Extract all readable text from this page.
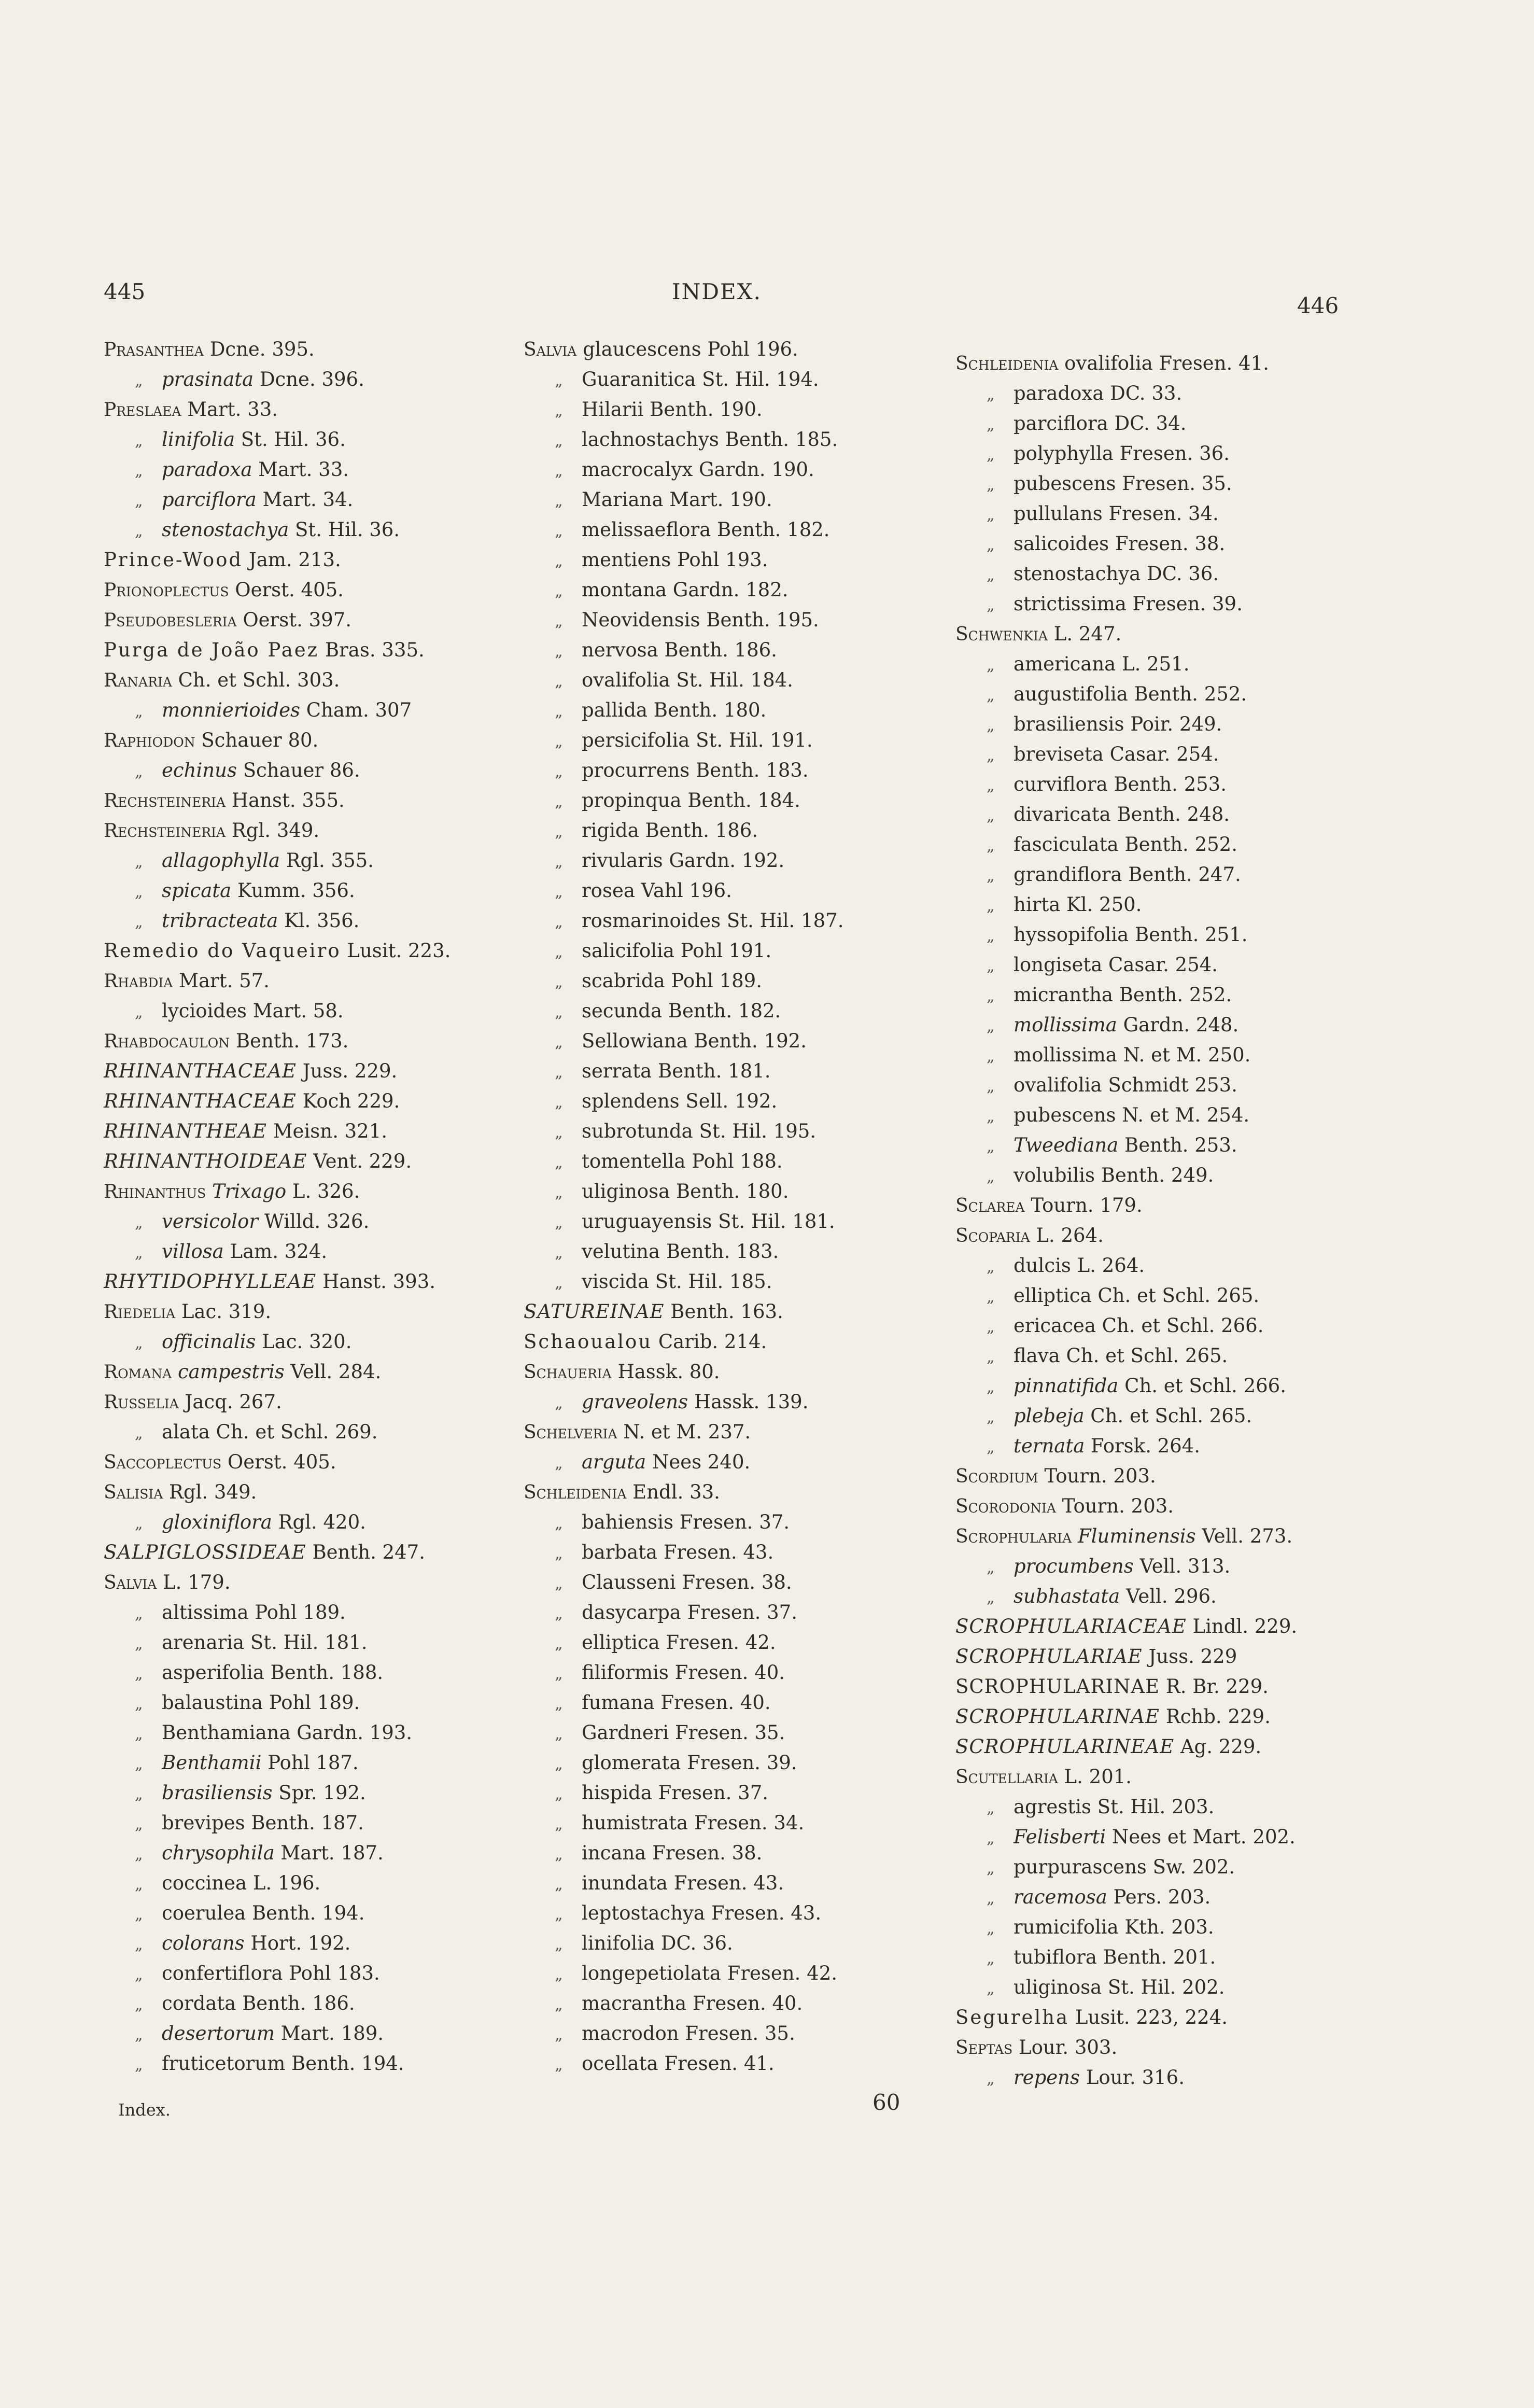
445	INDEX.
446
Prasanthea Dcne. 395.
„ prasinata Dcne. 396.
Preslaea Mart. 33.
„ linifolia St. Hil. 36.
„ paradoxa Mart. 33.
„ parciflora Mart. 34.
„ stenostachya St. Hil. 36.
Prince-Wood Jam. 213.
Prionoplectus Oerst. 405.
Pseudobesleria Oerst. 397.
Purga de João Paez Bras. 335.
Ranaria Ch. et Schl. 303.
„ monnierioides Cham. 307
Raphiodon Schauer 80.
„ echinus Schauer 86.
Rechsteineria Hanst. 355.
Rechsteineria Rgl. 349.
„ allagophylla Rgl. 355.
„ spicata Kumm. 356.
„ tribracteata Kl. 356.
Remedio do Vaqueiro Lusit. 223.
Rhabdia Mart. 57.
„ lycioides Mart. 58.
Rhabdocaulon Benth. 173.
RHINANTHACEAE Juss. 229.
RHINANTHACEAE Koch 229.
RHINANTHEAE Meisn. 321.
RHINANTHOIDEAE Vent. 229.
Rhinanthus Trixago L. 326.
„ versicolor Willd. 326.
„ villosa Lam. 324.
RHYTIDOPHYLLEAE Hanst. 393.
Riedelia Lac. 319.
„ officinalis Lac. 320.
Romana campestris Vell. 284.
Russelia Jacq. 267.
„ alata Ch. et Schl. 269.
Saccoplectus Oerst. 405.
Salisia Rgl. 349.
„ gloxiniflora Rgl. 420.
SALPIGLOSSIDEAE Benth. 247.
Salvia L. 179.
„ altissima Pohl 189.
„ arenaria St. Hil. 181.
„ asperifolia Benth. 188.
„ balaustina Pohl 189.
„ Benthamiana Gardn. 193.
„ Benthamii Pohl 187.
„ brasiliensis Spr. 192.
„ brevipes Benth. 187.
„ chrysophila Mart. 187.
„ coccinea L. 196.
„ coerulea Benth. 194.
„ colorans Hort. 192.
„ confertiflora Pohl 183.
„ cordata Benth. 186.
„ desertorum Mart. 189.
„ fruticetorum Benth. 194.
Salvia glaucescens Pohl 196.
„ Guaranitica St. Hil. 194.
„ Hilarii Benth. 190.
„ lachnostachys Benth. 185.
„ macrocalyx Gardn. 190.
„ Mariana Mart. 190.
„ melissaeflora Benth. 182.
„ mentiens Pohl 193.
„ montana Gardn. 182.
„ Neovidensis Benth. 195.
„ nervosa Benth. 186.
„ ovalifolia St. Hil. 184.
„ pallida Benth. 180.
„ persicifolia St. Hil. 191.
„ procurrens Benth. 183.
„ propinqua Benth. 184.
„ rigida Benth. 186.
„ rivularis Gardn. 192.
„ rosea Vahl 196.
„ rosmarinoides St. Hil. 187.
„ salicifolia Pohl 191.
„ scabrida Pohl 189.
„ secunda Benth. 182.
„ Sellowiana Benth. 192.
„ serrata Benth. 181.
„ splendens Sell. 192.
„ subrotunda St. Hil. 195.
„ tomentella Pohl 188.
„ uliginosa Benth. 180.
„ uruguayensis St. Hil. 181.
„ velutina Benth. 183.
„ viscida St. Hil. 185.
SATUREINAE Benth. 163.
Schaoualou Carib. 214.
Schaueria Hassk. 80.
„ graveolens Hassk. 139.
Schelveria N. et M. 237.
„ arguta Nees 240.
Schleidenia Endl. 33.
„ bahiensis Fresen. 37.
„ barbata Fresen. 43.
„ Clausseni Fresen. 38.
„ dasycarpa Fresen. 37.
„ elliptica Fresen. 42.
„ filiformis Fresen. 40.
„ fumana Fresen. 40.
„ Gardneri Fresen. 35.
„ glomerata Fresen. 39.
„ hispida Fresen. 37.
„ humistrata Fresen. 34.
„ incana Fresen. 38.
„ inundata Fresen. 43.
„ leptostachya Fresen. 43.
„ linifolia DC. 36.
„ longepetiolata Fresen. 42.
„ macrantha Fresen. 40.
„ macrodon Fresen. 35.
„ ocellata Fresen. 41.
Schleidenia ovalifolia Fresen. 41.
„ paradoxa DC. 33.
„ parciflora DC. 34.
„ polyphylla Fresen. 36.
„ pubescens Fresen. 35.
„ pullulans Fresen. 34.
„ salicoides Fresen. 38.
„ stenostachya DC. 36.
„ strictissima Fresen. 39.
Schwenkia L. 247.
„ americana L. 251.
„ augustifolia Benth. 252.
„ brasiliensis Poir. 249.
„ breviseta Casar. 254.
„ curviflora Benth. 253.
„ divaricata Benth. 248.
„ fasciculata Benth. 252.
„ grandiflora Benth. 247.
„ hirta Kl. 250.
„ hyssopifolia Benth. 251.
„ longiseta Casar. 254.
„ micrantha Benth. 252.
„ mollissima Gardn. 248.
„ mollissima N. et M. 250.
„ ovalifolia Schmidt 253.
„ pubescens N. et M. 254.
„ Tweediana Benth. 253.
„ volubilis Benth. 249.
Sclarea Tourn. 179.
Scoparia L. 264.
„ dulcis L. 264.
„ elliptica Ch. et Schl. 265.
„ ericacea Ch. et Schl. 266.
„ flava Ch. et Schl. 265.
„ pinnatifida Ch. et Schl. 266.
„ plebeja Ch. et Schl. 265.
„ ternata Forsk. 264.
Scordium Tourn. 203.
Scorodonia Tourn. 203.
Scrophularia Fluminensis Vell. 273.
„ procumbens Vell. 313.
„ subhastata Vell. 296.
SCROPHULARIACEAE Lindl. 229.
SCROPHULARIAE Juss. 229
SCROPHULARINAE R. Br. 229.
SCROPHULARINAE Rchb. 229.
SCROPHULARINEAE Ag. 229.
Scutellaria L. 201.
„ agrestis St. Hil. 203.
„ Felisberti Nees et Mart. 202.
„ purpurascens Sw. 202.
„ racemosa Pers. 203.
„ rumicifolia Kth. 203.
„ tubiflora Benth. 201.
„ uliginosa St. Hil. 202.
Segurelha Lusit. 223, 224.
Septas Lour. 303.
„ repens Lour. 316.
Index.	60
